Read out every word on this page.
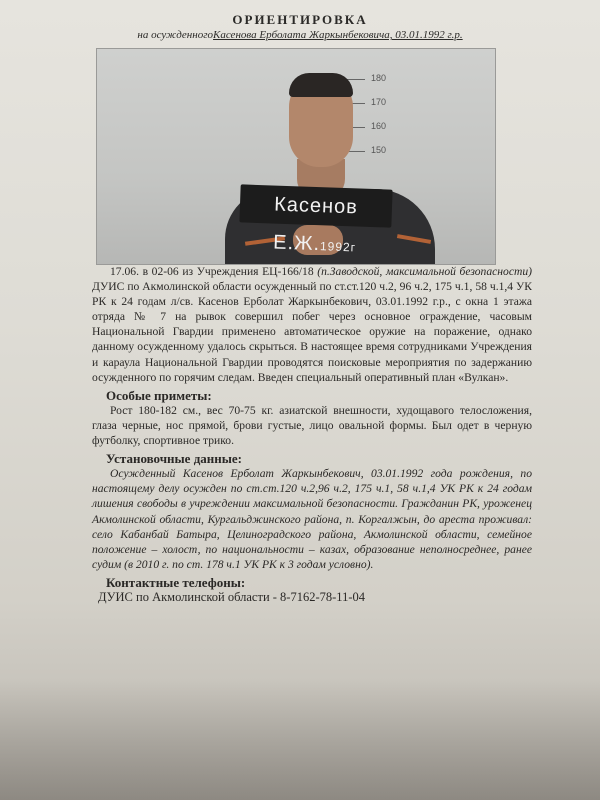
ОРИЕНТИРОВКА
на осужденногоКасенова Ерболата Жаркынбековича, 03.01.1992 г.р.
180
170
160
150
Касенов Е.Ж.1992г

17.06. в 02-06 из Учреждения ЕЦ-166/18 (п.Заводской, максимальной безопасности) ДУИС по Акмолинской области осужденный по ст.ст.120 ч.2, 96 ч.2, 175 ч.1, 58 ч.1,4 УК РК к 24 годам л/св. Касенов Ерболат Жаркынбекович, 03.01.1992 г.р., с окна 1 этажа отряда № 7 на рывок совершил побег через основное ограждение, часовым Национальной Гвардии применено автоматическое оружие на поражение, однако данному осужденному удалось скрыться. В настоящее время сотрудниками Учреждения и караула Национальной Гвардии проводятся поисковые мероприятия по задержанию осужденного по горячим следам. Введен специальный оперативный план «Вулкан».

Особые приметы:

Рост 180-182 см., вес 70-75 кг. азиатской внешности, худощавого телосложения, глаза черные, нос прямой, брови густые, лицо овальной формы. Был одет в черную футболку, спортивное трико.

Установочные данные:

Осужденный Касенов Ерболат Жаркынбекович, 03.01.1992 года рождения, по настоящему делу осужден по ст.ст.120 ч.2,96 ч.2, 175 ч.1, 58 ч.1,4 УК РК к 24 годам лишения свободы в учреждении максимальной безопасности. Гражданин РК, уроженец Акмолинской области, Кургальджинского района, п. Коргалжын, до ареста проживал: село Кабанбай Батыра, Целиноградского района, Акмолинской области, семейное положение – холост, по национальности – казах, образование неполносреднее, ранее судим (в 2010 г. по ст. 178 ч.1 УК РК к 3 годам условно).

Контактные телефоны:

ДУИС по Акмолинской области - 8-7162-78-11-04
